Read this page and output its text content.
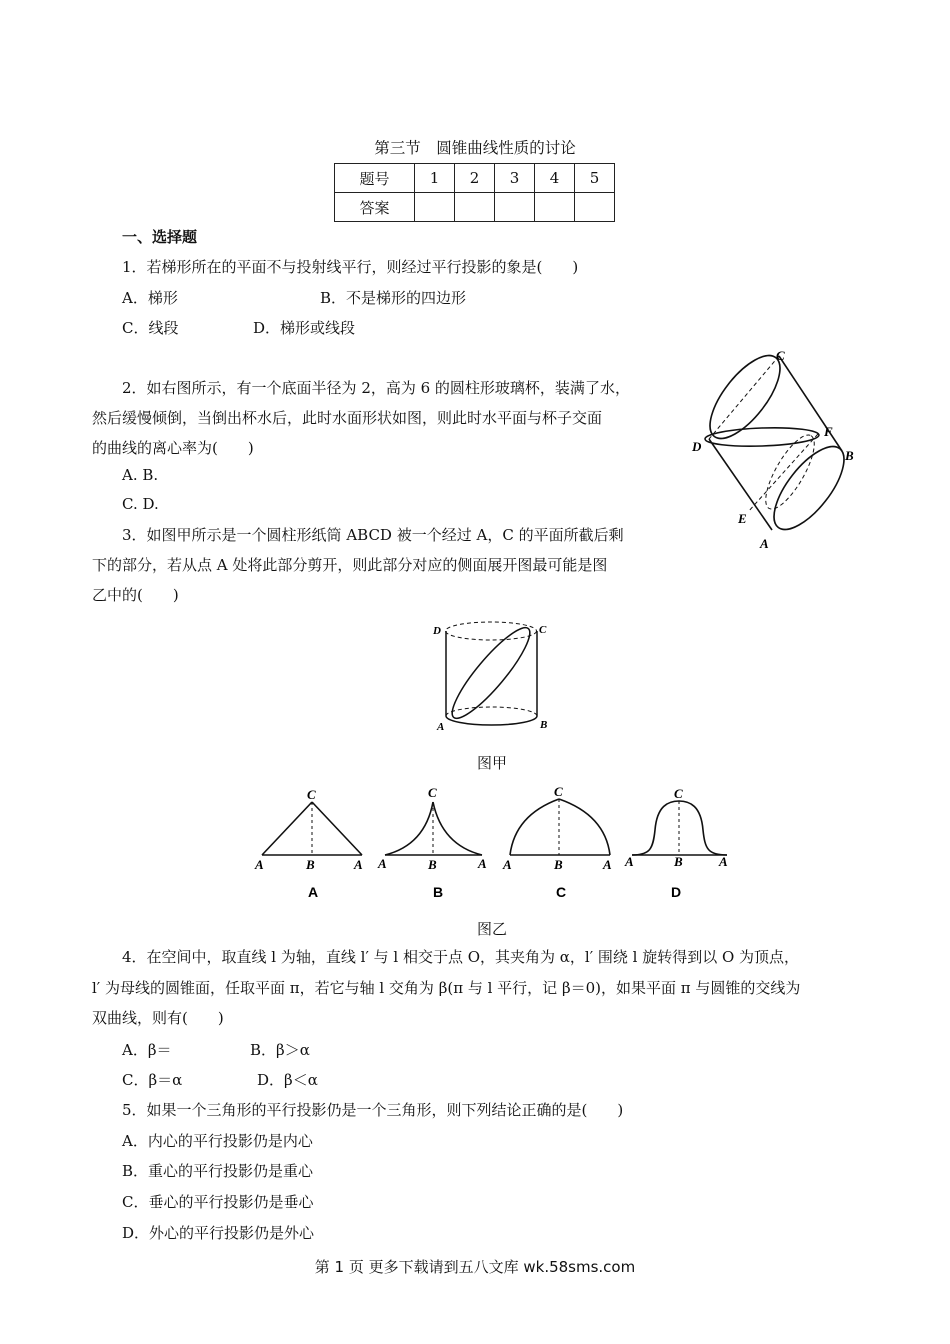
第三节　圆锥曲线性质的讨论
题号	1	2	3	4	5
答案					
一、选择题
1．若梯形所在的平面不与投射线平行，则经过平行投影的象是(　　)
A．梯形	B．不是梯形的四边形
C．线段	D．梯形或线段
2．如右图所示，有一个底面半径为 2，高为 6 的圆柱形玻璃杯，装满了水，
然后缓慢倾倒，当倒出杯水后，此时水面形状如图，则此时水平面与杯子交面
的曲线的离心率为(　　)
A. B.
C. D.
3．如图甲所示是一个圆柱形纸筒 ABCD 被一个经过 A，C 的平面所截后剩
下的部分，若从点 A 处将此部分剪开，则此部分对应的侧面展开图最可能是图
乙中的(　　)
C
D
F
B
E
A
D	C
A	B
图甲
C
A	B	A
C
A	B	A
C
A	B	A
C
A	B	A
A	B	C	D
图乙
4．在空间中，取直线 l 为轴，直线 l′ 与 l 相交于点 O，其夹角为 α，l′ 围绕 l 旋转得到以 O 为顶点，
l′ 为母线的圆锥面，任取平面 π，若它与轴 l 交角为 β(π 与 l 平行，记 β＝0)，如果平面 π 与圆锥的交线为
双曲线，则有(　　)
A．β＝	B．β＞α
C．β＝α	D．β＜α
5．如果一个三角形的平行投影仍是一个三角形，则下列结论正确的是(　　)
A．内心的平行投影仍是内心
B．重心的平行投影仍是重心
C．垂心的平行投影仍是垂心
D．外心的平行投影仍是外心
第 1 页 更多下载请到五八文库 wk.58sms.com
